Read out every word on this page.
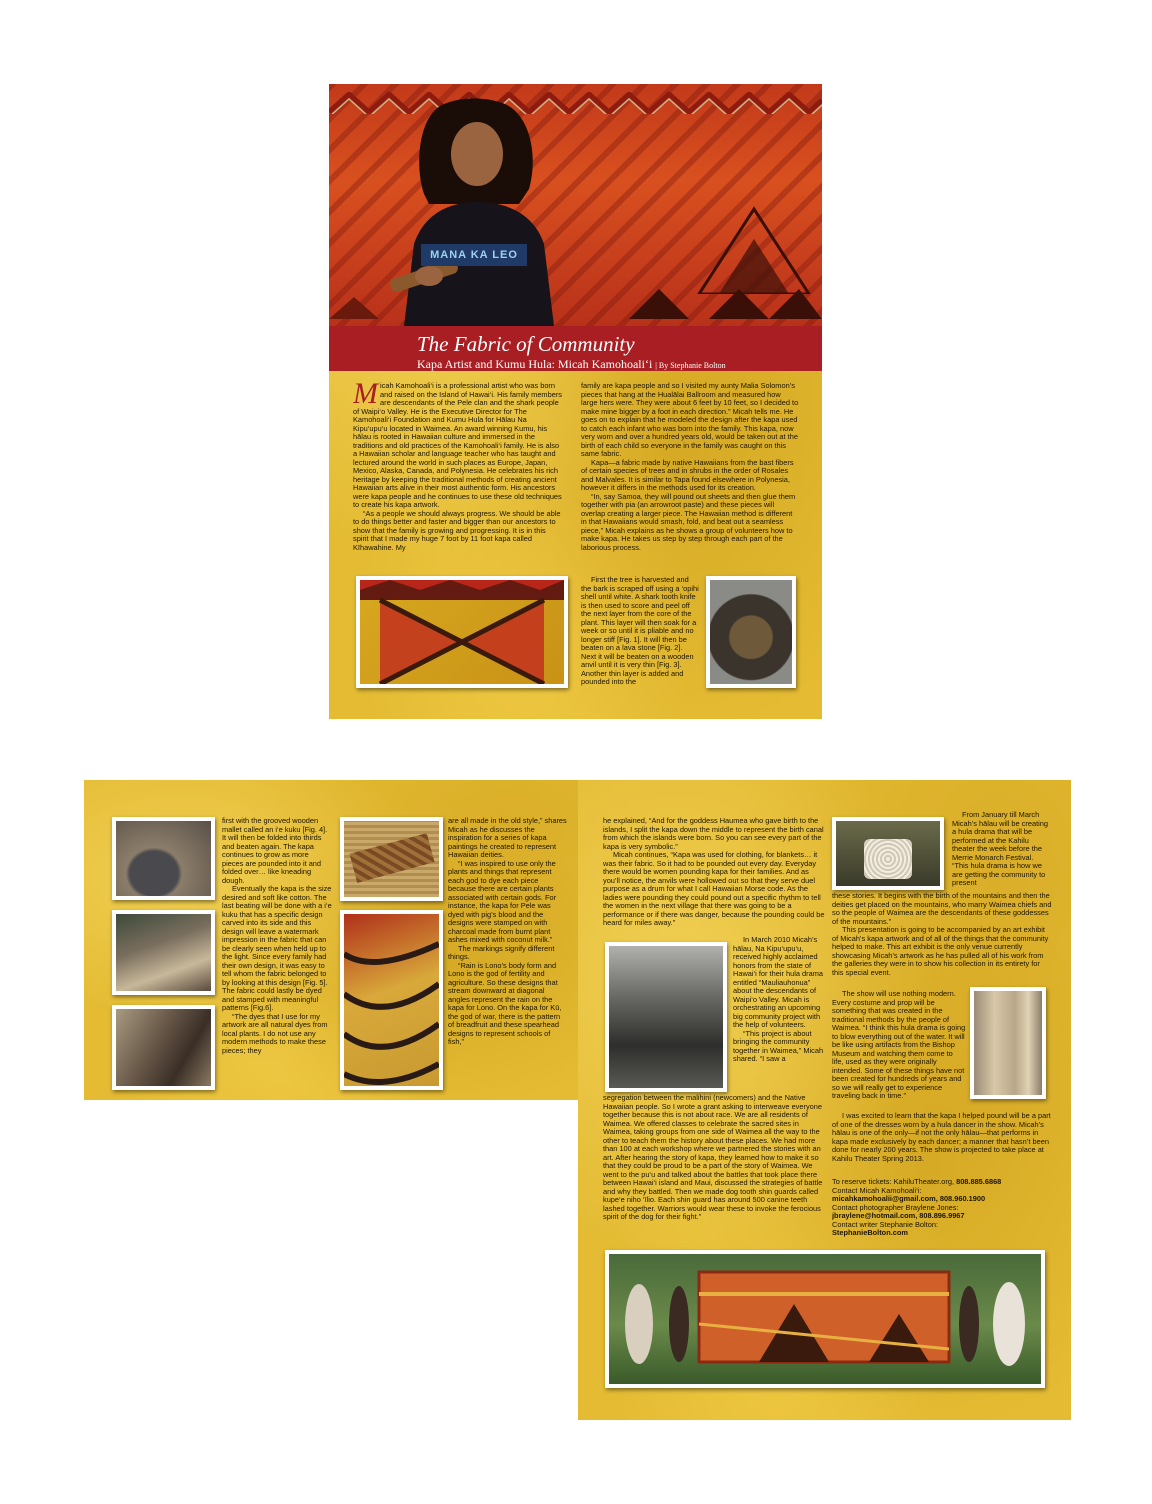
MANA KA LEO
The Fabric of Community
Kapa Artist and Kumu Hula: Micah Kamohoali‘i | By Stephanie Bolton

Micah Kamohoali‘i is a professional artist who was born and raised on the Island of Hawai‘i. His family members are descendants of the Pele clan and the shark people of Waipi‘o Valley. He is the Executive Director for The Kamohoali‘i Foundation and Kumu Hula for Hālau Na Kipu‘upu‘u located in Waimea. An award winning Kumu, his hālau is rooted in Hawaiian culture and immersed in the traditions and old practices of the Kamohoali‘i family. He is also a Hawaiian scholar and language teacher who has taught and lectured around the world in such places as Europe, Japan, Mexico, Alaska, Canada, and Polynesia. He celebrates his rich heritage by keeping the traditional methods of creating ancient Hawaiian arts alive in their most authentic form. His ancestors were kapa people and he continues to use these old techniques to create his kapa artwork.

“As a people we should always progress. We should be able to do things better and faster and bigger than our ancestors to show that the family is growing and progressing. It is in this spirit that I made my huge 7 foot by 11 foot kapa called Kīhawahine. My

family are kapa people and so I visited my aunty Malia Solomon’s pieces that hang at the Hualālai Ballroom and measured how large hers were. They were about 6 feet by 10 feet, so I decided to make mine bigger by a foot in each direction.” Micah tells me. He goes on to explain that he modeled the design after the kapa used to catch each infant who was born into the family. This kapa, now very worn and over a hundred years old, would be taken out at the birth of each child so everyone in the family was caught on this same fabric.

Kapa—a fabric made by native Hawaiians from the bast fibers of certain species of trees and in shrubs in the order of Rosales and Malvales. It is similar to Tapa found elsewhere in Polynesia, however it differs in the methods used for its creation.

“In, say Samoa, they will pound out sheets and then glue them together with pia (an arrowroot paste) and these pieces will overlap creating a larger piece. The Hawaiian method is different in that Hawaiians would smash, fold, and beat out a seamless piece,” Micah explains as he shows a group of volunteers how to make kapa. He takes us step by step through each part of the laborious process.

First the tree is harvested and the bark is scraped off using a ‘opihi shell until white. A shark tooth knife is then used to score and peel off the next layer from the core of the plant. This layer will then soak for a week or so until it is pliable and no longer stiff [Fig. 1]. It will then be beaten on a lava stone [Fig. 2]. Next it will be beaten on a wooden anvil until it is very thin [Fig. 3]. Another thin layer is added and pounded into the

first with the grooved wooden mallet called an i‘e kuku [Fig. 4]. It will then be folded into thirds and beaten again. The kapa continues to grow as more pieces are pounded into it and folded over… like kneading dough.

Eventually the kapa is the size desired and soft like cotton. The last beating will be done with a i‘e kuku that has a specific design carved into its side and this design will leave a watermark impression in the fabric that can be clearly seen when held up to the light. Since every family had their own design, it was easy to tell whom the fabric belonged to by looking at this design [Fig. 5]. The fabric could lastly be dyed and stamped with meaningful patterns [Fig.6].

“The dyes that I use for my artwork are all natural dyes from local plants. I do not use any modern methods to make these pieces; they

are all made in the old style,” shares Micah as he discusses the inspiration for a series of kapa paintings he created to represent Hawaiian deities.

“I was inspired to use only the plants and things that represent each god to dye each piece because there are certain plants associated with certain gods. For instance, the kapa for Pele was dyed with pig’s blood and the designs were stamped on with charcoal made from burnt plant ashes mixed with coconut milk.”

The markings signify different things.

“Rain is Lono’s body form and Lono is the god of fertility and agriculture. So these designs that stream downward at diagonal angles represent the rain on the kapa for Lono. On the kapa for Kū, the god of war, there is the pattern of breadfruit and these spearhead designs to represent schools of fish,”

he explained, “And for the goddess Haumea who gave birth to the islands, I split the kapa down the middle to represent the birth canal from which the islands were born. So you can see every part of the kapa is very symbolic.”

Micah continues, “Kapa was used for clothing, for blankets… it was their fabric. So it had to be pounded out every day. Everyday there would be women pounding kapa for their families. And as you’ll notice, the anvils were hollowed out so that they serve duel purpose as a drum for what I call Hawaiian Morse code. As the ladies were pounding they could pound out a specific rhythm to tell the women in the next village that there was going to be a performance or if there was danger, because the pounding could be heard for miles away.”

In March 2010 Micah’s hālau, Na Kipu‘upu‘u, received highly acclaimed honors from the state of Hawai‘i for their hula drama entitled “Mauliauhonua” about the descendants of Waipi‘o Valley. Micah is orchestrating an upcoming big community project with the help of volunteers.

“This project is about bringing the community together in Waimea,” Micah shared. “I saw a

segregation between the malihini (newcomers) and the Native Hawaiian people. So I wrote a grant asking to interweave everyone together because this is not about race. We are all residents of Waimea. We offered classes to celebrate the sacred sites in Waimea, taking groups from one side of Waimea all the way to the other to teach them the history about these places. We had more than 100 at each workshop where we partnered the stories with an art. After hearing the story of kapa, they learned how to make it so that they could be proud to be a part of the story of Waimea. We went to the pu‘u and talked about the battles that took place there between Hawai‘i island and Maui, discussed the strategies of battle and why they battled. Then we made dog tooth shin guards called kupe‘e niho ‘īlio. Each shin guard has around 500 canine teeth lashed together. Warriors would wear these to invoke the ferocious spirit of the dog for their fight.”

From January till March Micah’s hālau will be creating a hula drama that will be performed at the Kahilu theater the week before the Merrie Monarch Festival. “This hula drama is how we are getting the community to present

these stories. It begins with the birth of the mountains and then the deities get placed on the mountains, who marry Waimea chiefs and so the people of Waimea are the descendants of these goddesses of the mountains.”

This presentation is going to be accompanied by an art exhibit of Micah’s kapa artwork and of all of the things that the community helped to make. This art exhibit is the only venue currently showcasing Micah’s artwork as he has pulled all of his work from the galleries they were in to show his collection in its entirety for this special event.

The show will use nothing modern. Every costume and prop will be something that was created in the traditional methods by the people of Waimea. “I think this hula drama is going to blow everything out of the water. It will be like using artifacts from the Bishop Museum and watching them come to life, used as they were originally intended. Some of these things have not been created for hundreds of years and so we will really get to experience traveling back in time.”

I was excited to learn that the kapa I helped pound will be a part of one of the dresses worn by a hula dancer in the show. Micah’s hālau is one of the only—if not the only hālau—that performs in kapa made exclusively by each dancer; a manner that hasn’t been done for nearly 200 years. The show is projected to take place at Kahilu Theater Spring 2013.

To reserve tickets: KahiluTheater.org, 808.885.6868
Contact Micah Kamohoali‘i:
micahkamohoalii@gmail.com, 808.960.1900
Contact photographer Braylene Jones:
jbraylene@hotmail.com, 808.896.9967
Contact writer Stephanie Bolton:
StephanieBolton.com
